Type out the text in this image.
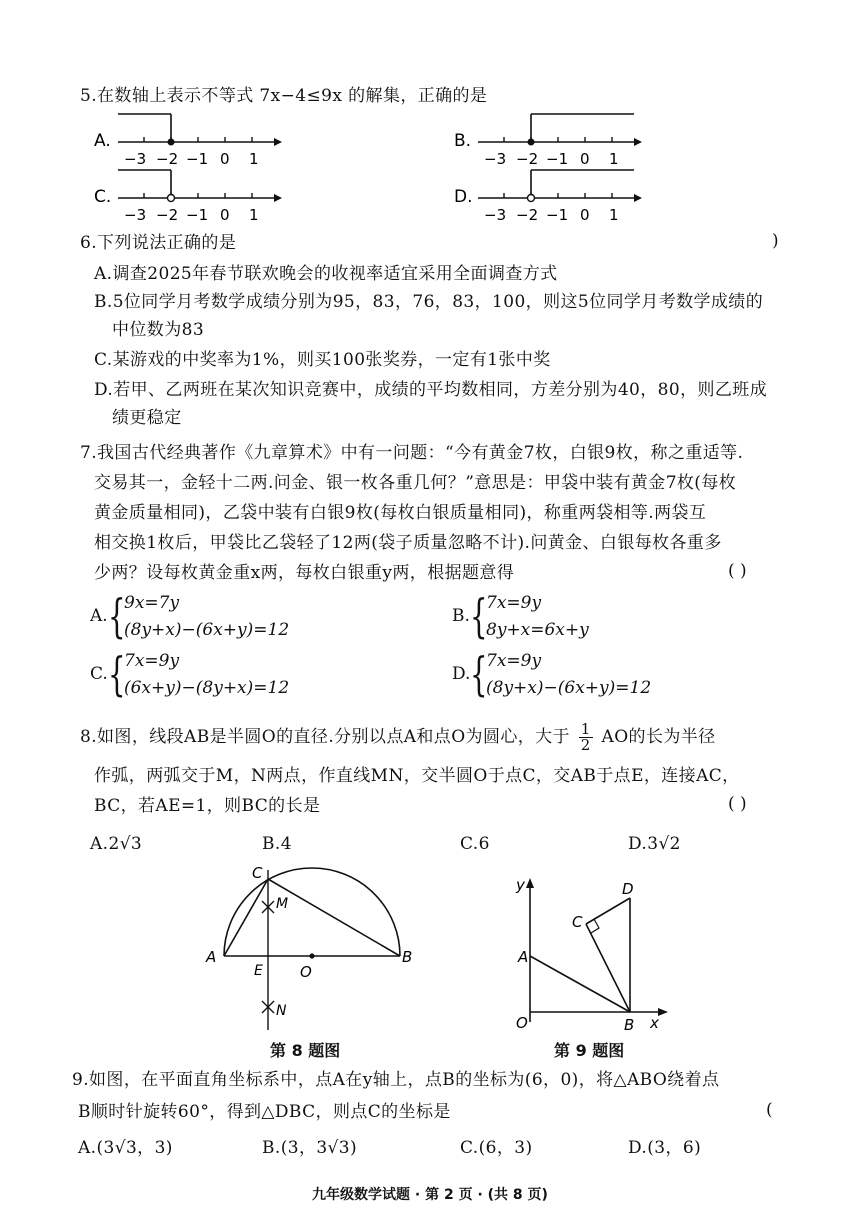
5.在数轴上表示不等式 7x−4≤9x 的解集，正确的是
A.
−3 −2 −1 0 1
B.
−3 −2 −1 0 1
C.
−3 −2 −1 0 1
D.
−3 −2 −1 0 1
6.下列说法正确的是	)
A.调查2025年春节联欢晚会的收视率适宜采用全面调查方式
B.5位同学月考数学成绩分别为95，83，76，83，100，则这5位同学月考数学成绩的
中位数为83
C.某游戏的中奖率为1%，则买100张奖券，一定有1张中奖
D.若甲、乙两班在某次知识竞赛中，成绩的平均数相同，方差分别为40，80，则乙班成
绩更稳定
7.我国古代经典著作《九章算术》中有一问题：“今有黄金7枚，白银9枚，称之重适等.
交易其一，金轻十二两.问金、银一枚各重几何？”意思是：甲袋中装有黄金7枚(每枚
黄金质量相同)，乙袋中装有白银9枚(每枚白银质量相同)，称重两袋相等.两袋互
相交换1枚后，甲袋比乙袋轻了12两(袋子质量忽略不计).问黄金、白银每枚各重多
少两？设每枚黄金重x两，每枚白银重y两，根据题意得	( )
A. {
9x=7y
(8y+x)−(6x+y)=12
B. {
7x=9y
8y+x=6x+y
C. {
7x=9y
(6x+y)−(8y+x)=12
D. {
7x=9y
(8y+x)−(6x+y)=12
8.如图，线段AB是半圆O的直径.分别以点A和点O为圆心，大于 $\frac{1}{2}$ AO的长为半径
作弧，两弧交于M，N两点，作直线MN，交半圆O于点C，交AB于点E，连接AC，
BC，若AE=1，则BC的长是	( )
A.2√3	B.4	C.6	D.3√2
C
M
A
E O
B
N
第 8 题图
y	D
C
A
O	B x
第 9 题图
9.如图，在平面直角坐标系中，点A在y轴上，点B的坐标为(6，0)，将△ABO绕着点
B顺时针旋转60°，得到△DBC，则点C的坐标是	(
A.(3√3，3)	B.(3，3√3)	C.(6，3)	D.(3，6)
九年级数学试题 · 第 2 页 · (共 8 页)
